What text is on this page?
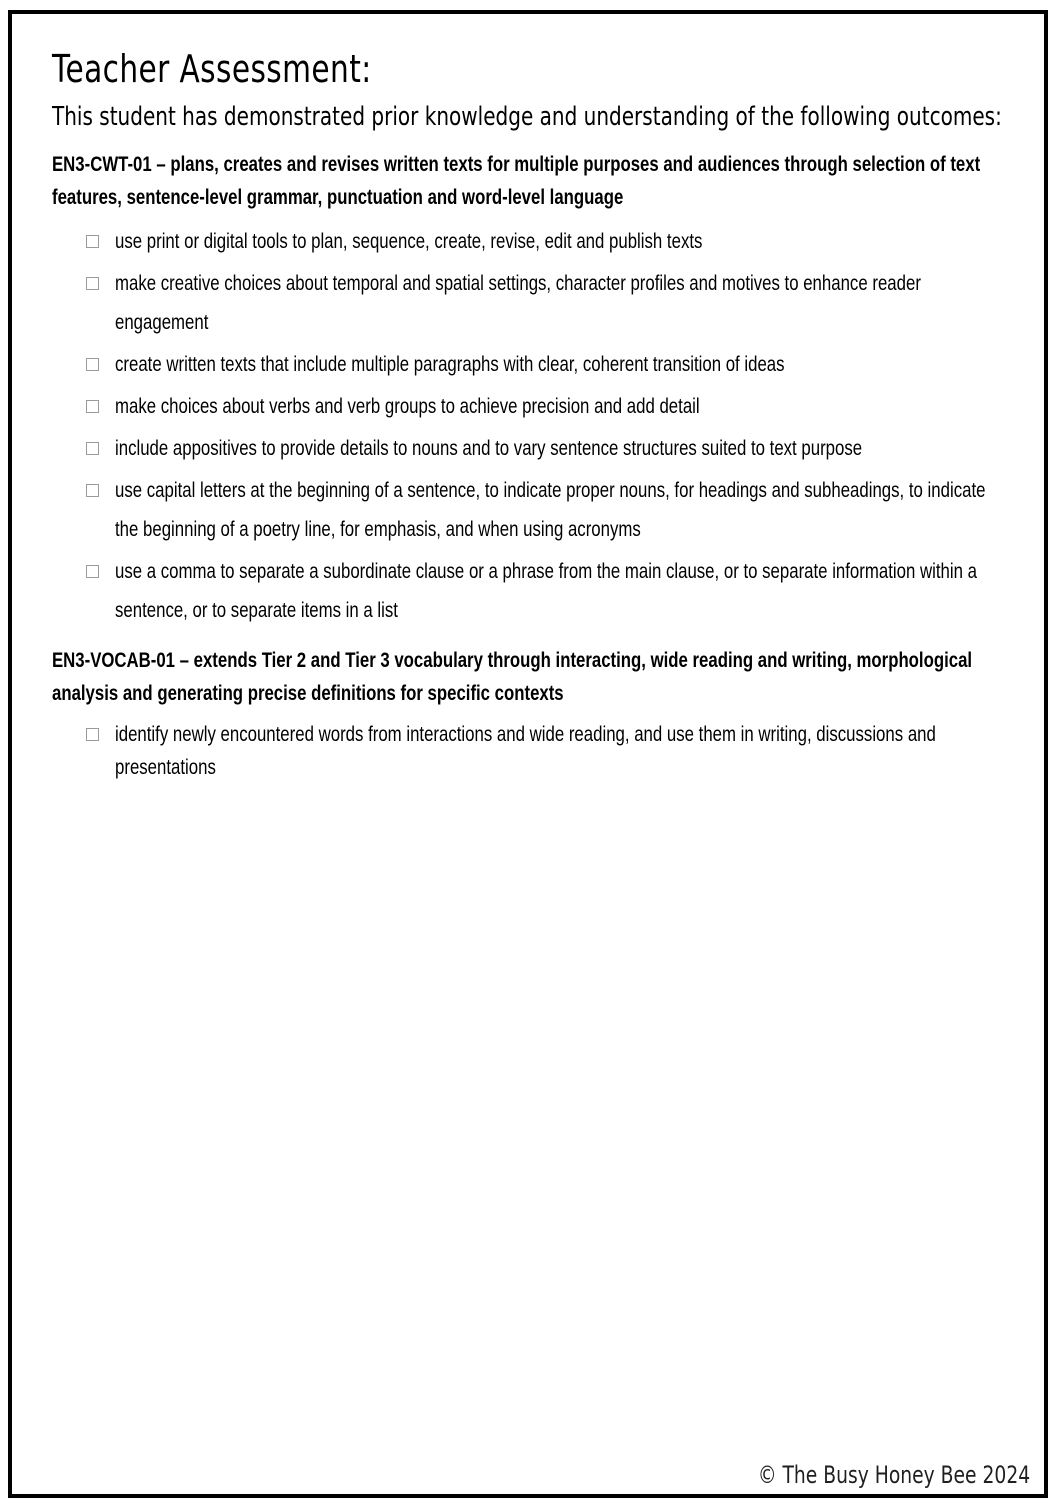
Teacher Assessment:
This student has demonstrated prior knowledge and understanding of the following outcomes:
EN3-CWT-01 – plans, creates and revises written texts for multiple purposes and audiences through selection of text features, sentence-level grammar, punctuation and word-level language
use print or digital tools to plan, sequence, create, revise, edit and publish texts
make creative choices about temporal and spatial settings, character profiles and motives to enhance reader engagement
create written texts that include multiple paragraphs with clear, coherent transition of ideas
make choices about verbs and verb groups to achieve precision and add detail
include appositives to provide details to nouns and to vary sentence structures suited to text purpose
use capital letters at the beginning of a sentence, to indicate proper nouns, for headings and subheadings, to indicate the beginning of a poetry line, for emphasis, and when using acronyms
use a comma to separate a subordinate clause or a phrase from the main clause, or to separate information within a sentence, or to separate items in a list
EN3-VOCAB-01 – extends Tier 2 and Tier 3 vocabulary through interacting, wide reading and writing, morphological analysis and generating precise definitions for specific contexts
identify newly encountered words from interactions and wide reading, and use them in writing, discussions and presentations
© The Busy Honey Bee 2024
